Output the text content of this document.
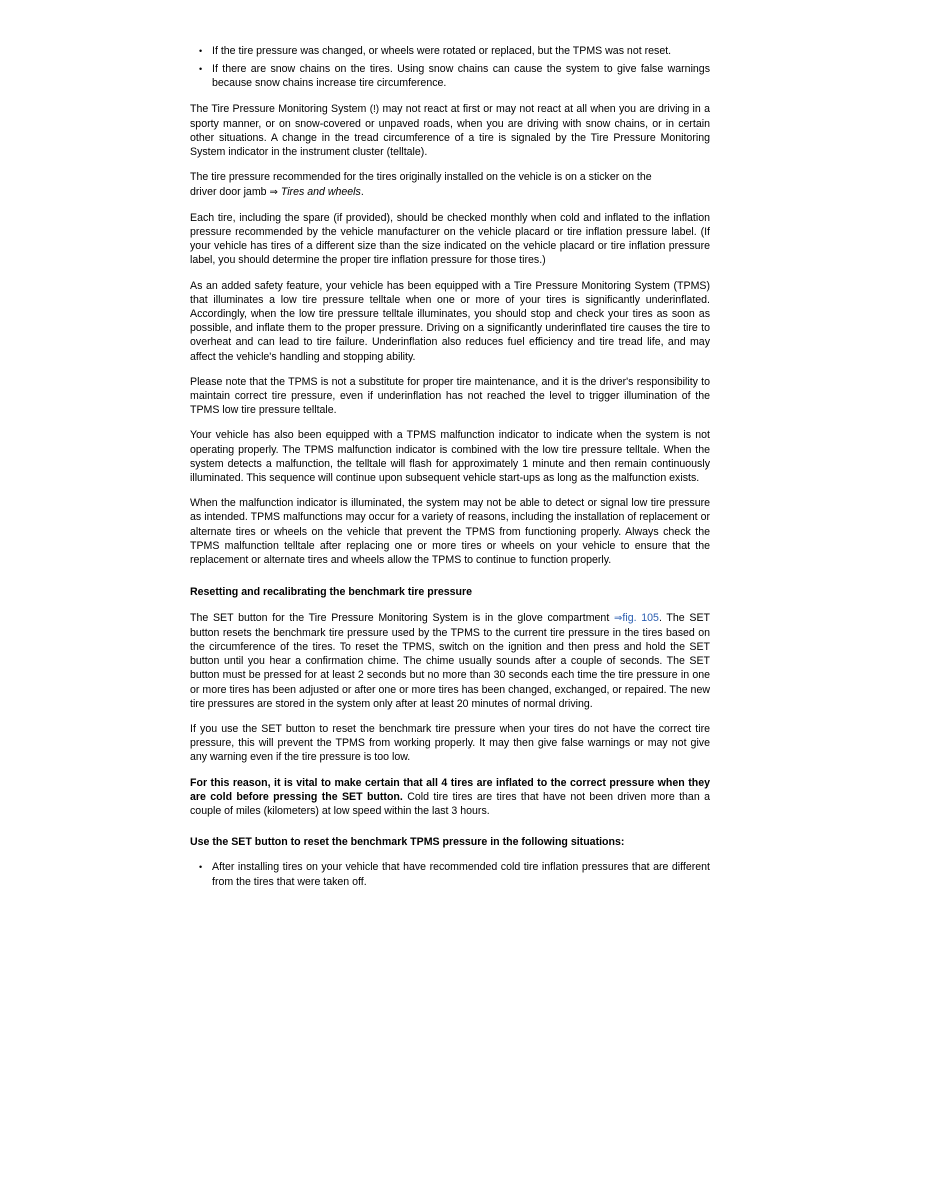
• If the tire pressure was changed, or wheels were rotated or replaced, but the TPMS was not reset.
• If there are snow chains on the tires. Using snow chains can cause the system to give false warnings because snow chains increase tire circumference.

The Tire Pressure Monitoring System (!) may not react at first or may not react at all when you are driving in a sporty manner, or on snow-covered or unpaved roads, when you are driving with snow chains, or in certain other situations. A change in the tread circumference of a tire is signaled by the Tire Pressure Monitoring System indicator in the instrument cluster (telltale).

The tire pressure recommended for the tires originally installed on the vehicle is on a sticker on the
driver door jamb ⇒ Tires and wheels.

Each tire, including the spare (if provided), should be checked monthly when cold and inflated to the inflation pressure recommended by the vehicle manufacturer on the vehicle placard or tire inflation pressure label. (If your vehicle has tires of a different size than the size indicated on the vehicle placard or tire inflation pressure label, you should determine the proper tire inflation pressure for those tires.)

As an added safety feature, your vehicle has been equipped with a Tire Pressure Monitoring System (TPMS) that illuminates a low tire pressure telltale when one or more of your tires is significantly underinflated. Accordingly, when the low tire pressure telltale illuminates, you should stop and check your tires as soon as possible, and inflate them to the proper pressure. Driving on a significantly underinflated tire causes the tire to overheat and can lead to tire failure. Underinflation also reduces fuel efficiency and tire tread life, and may affect the vehicle's handling and stopping ability.

Please note that the TPMS is not a substitute for proper tire maintenance, and it is the driver's responsibility to maintain correct tire pressure, even if underinflation has not reached the level to trigger illumination of the TPMS low tire pressure telltale.

Your vehicle has also been equipped with a TPMS malfunction indicator to indicate when the system is not operating properly. The TPMS malfunction indicator is combined with the low tire pressure telltale. When the system detects a malfunction, the telltale will flash for approximately 1 minute and then remain continuously illuminated. This sequence will continue upon subsequent vehicle start-ups as long as the malfunction exists.

When the malfunction indicator is illuminated, the system may not be able to detect or signal low tire pressure as intended. TPMS malfunctions may occur for a variety of reasons, including the installation of replacement or alternate tires or wheels on the vehicle that prevent the TPMS from functioning properly. Always check the TPMS malfunction telltale after replacing one or more tires or wheels on your vehicle to ensure that the replacement or alternate tires and wheels allow the TPMS to continue to function properly.

Resetting and recalibrating the benchmark tire pressure

The SET button for the Tire Pressure Monitoring System is in the glove compartment ⇒fig. 105. The SET button resets the benchmark tire pressure used by the TPMS to the current tire pressure in the tires based on the circumference of the tires. To reset the TPMS, switch on the ignition and then press and hold the SET button until you hear a confirmation chime. The chime usually sounds after a couple of seconds. The SET button must be pressed for at least 2 seconds but no more than 30 seconds each time the tire pressure in one or more tires has been adjusted or after one or more tires has been changed, exchanged, or repaired. The new tire pressures are stored in the system only after at least 20 minutes of normal driving.

If you use the SET button to reset the benchmark tire pressure when your tires do not have the correct tire pressure, this will prevent the TPMS from working properly. It may then give false warnings or may not give any warning even if the tire pressure is too low.

For this reason, it is vital to make certain that all 4 tires are inflated to the correct pressure when they are cold before pressing the SET button. Cold tire tires are tires that have not been driven more than a couple of miles (kilometers) at low speed within the last 3 hours.

Use the SET button to reset the benchmark TPMS pressure in the following situations:
• After installing tires on your vehicle that have recommended cold tire inflation pressures that are different from the tires that were taken off.
